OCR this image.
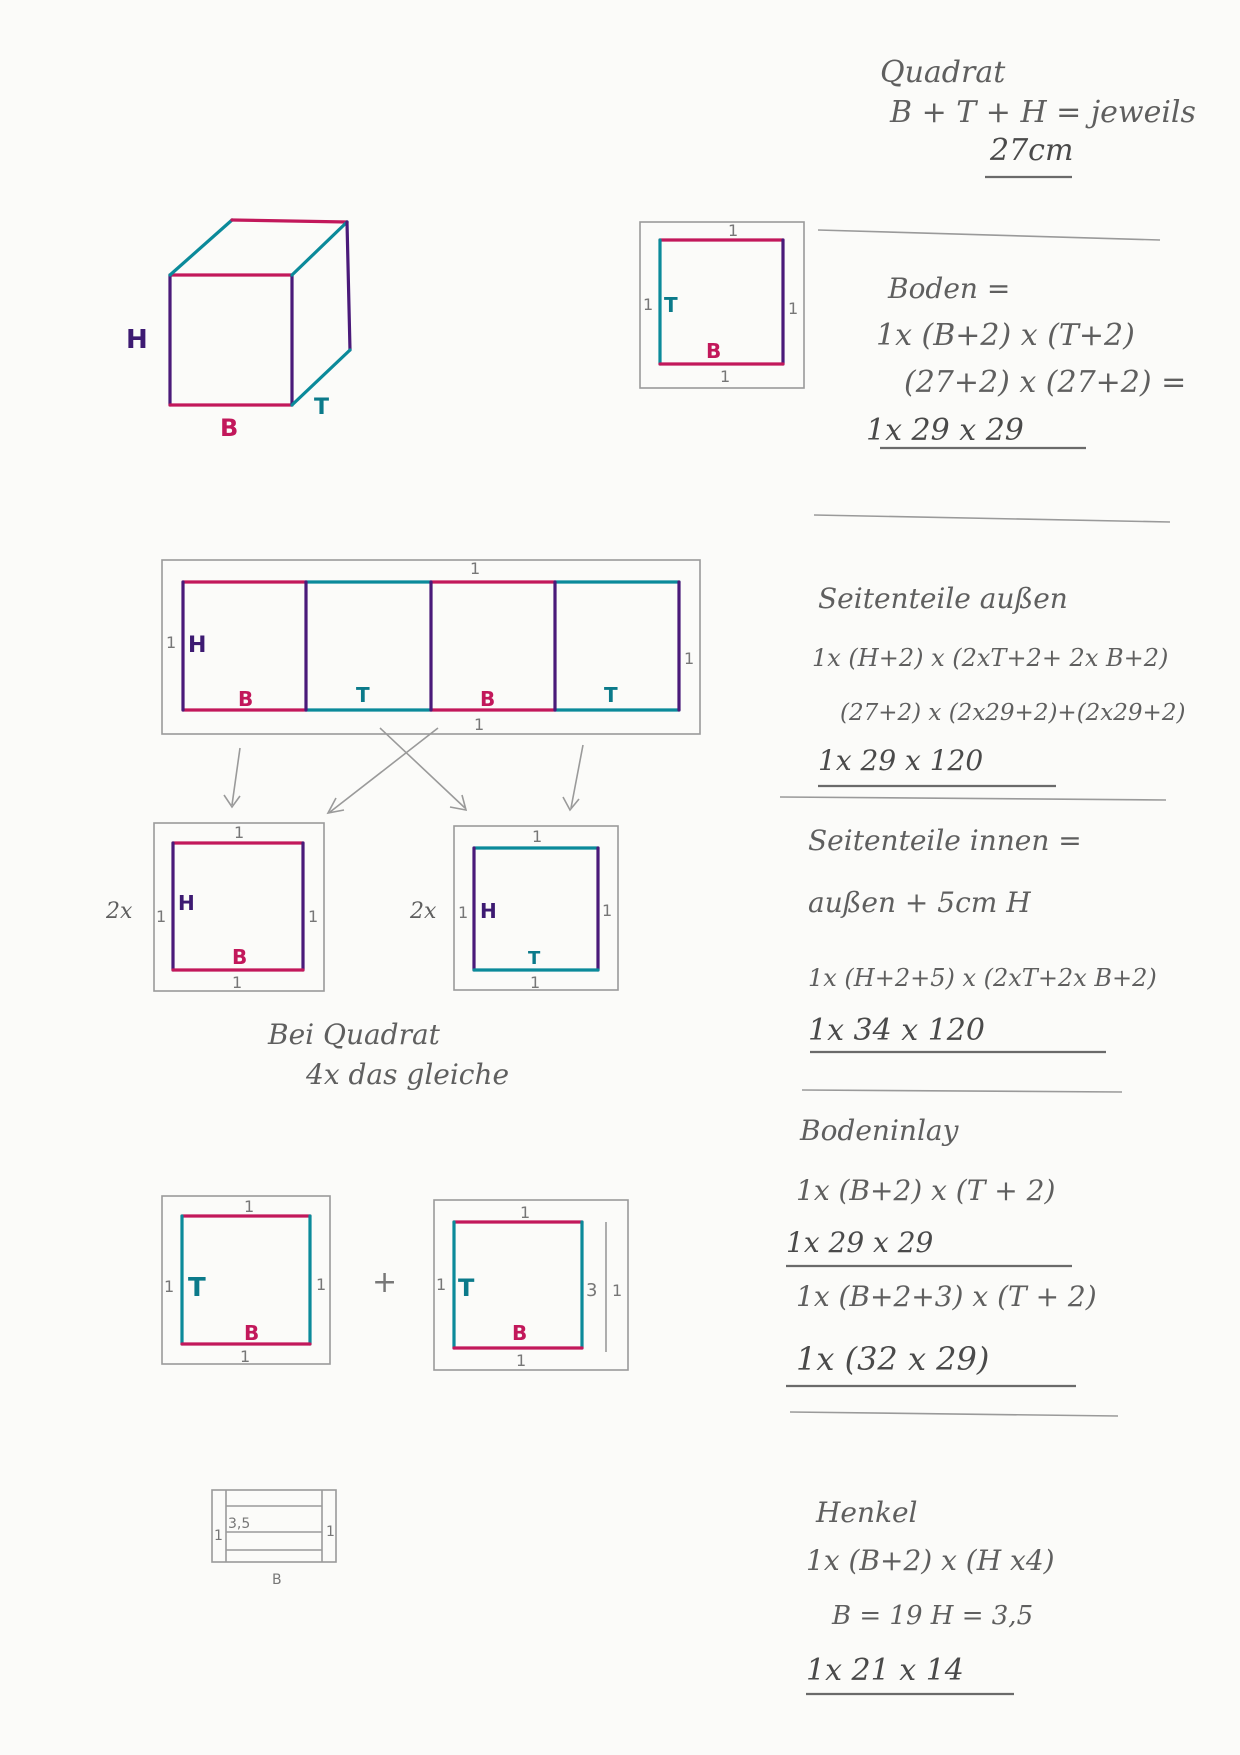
Quadrat
B + T + H = jeweils
27cm
H
B
T
1
1	1
1
T
B
Boden =
1x (B+2) x (T+2)
(27+2) x (27+2) =
1x 29 x 29
1
1
1
1
H
B	T	B	T
2x
1
1	1
1
H
B
2x
1
1	1
1
H
T
Bei Quadrat
4x das gleiche
Seitenteile außen
1x (H+2) x (2xT+2+ 2x B+2)
(27+2) x (2x29+2)+(2x29+2)
1x 29 x 120
Seitenteile innen =
außen + 5cm H
1x (H+2+5) x (2xT+2x B+2)
1x 34 x 120
1
1	1
1
T
B
+
1
1	3 1
1
T
B
Bodeninlay
1x (B+2) x (T + 2)
1x 29 x 29
1x (B+2+3) x (T + 2)
1x (32 x 29)
1
3,5	1
B
Henkel
1x (B+2) x (H x4)
B = 19 H = 3,5
1x 21 x 14
